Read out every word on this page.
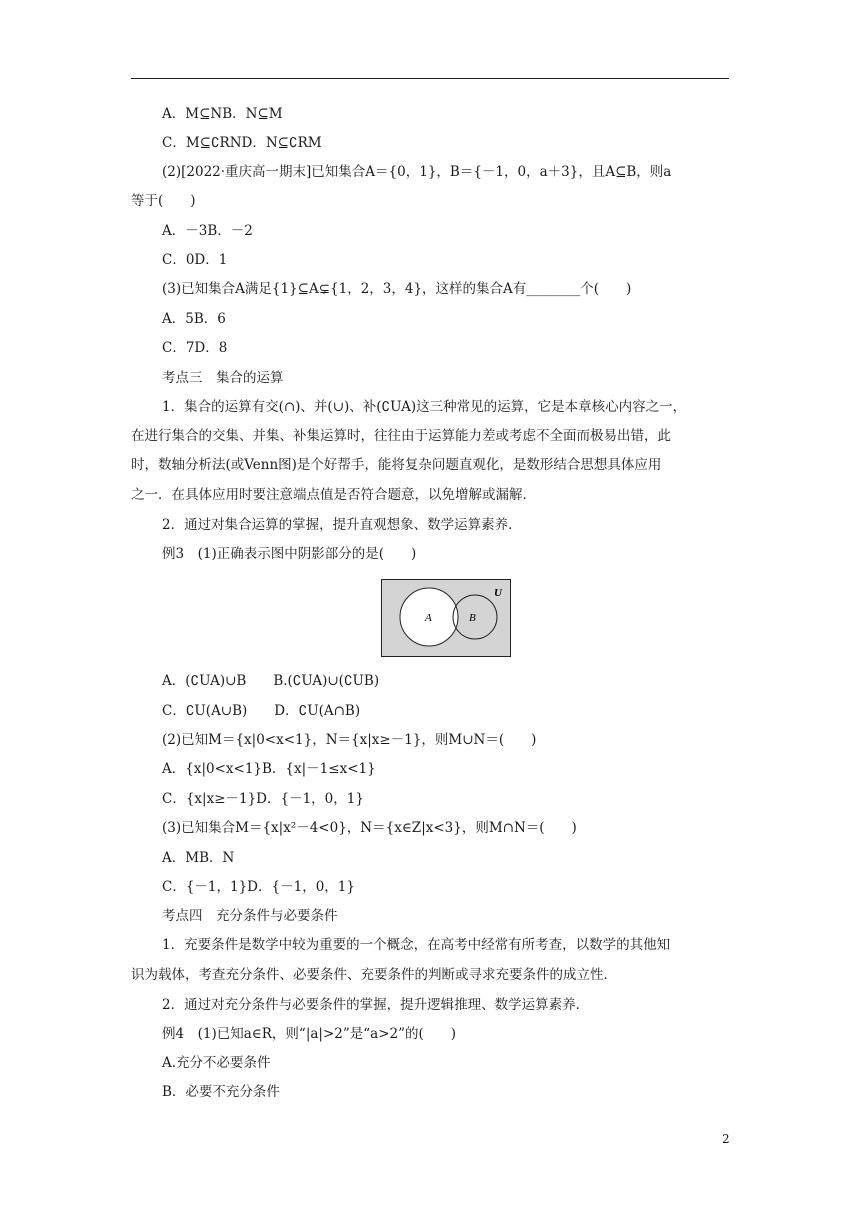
A．M⊆NB．N⊆M
C．M⊆∁RND．N⊆∁RM
(2)[2022·重庆高一期末]已知集合A＝{0，1}，B＝{－1，0，a＋3}，且A⊆B，则a
等于(　　)
A．－3B．－2
C．0D．1
(3)已知集合A满足{1}⊆A⊊{1，2，3，4}，这样的集合A有________个(　　)
A．5B．6
C．7D．8
考点三　集合的运算
1．集合的运算有交(∩)、并(∪)、补(∁UA)这三种常见的运算，它是本章核心内容之一，
在进行集合的交集、并集、补集运算时，往往由于运算能力差或考虑不全面而极易出错，此
时，数轴分析法(或Venn图)是个好帮手，能将复杂问题直观化，是数形结合思想具体应用
之一．在具体应用时要注意端点值是否符合题意，以免增解或漏解．
2．通过对集合运算的掌握，提升直观想象、数学运算素养．
例3　(1)正确表示图中阴影部分的是(　　)
U
A	B
A．(∁UA)∪B　　B.(∁UA)∪(∁UB)
C．∁U(A∪B)　　D．∁U(A∩B)
(2)已知M＝{x|0<x<1}，N＝{x|x≥－1}，则M∪N＝(　　)
A．{x|0<x<1}B．{x|－1≤x<1}
C．{x|x≥－1}D．{－1，0，1}
(3)已知集合M＝{x|x²－4<0}，N＝{x∈Z|x<3}，则M∩N＝(　　)
A．MB．N
C．{－1，1}D．{－1，0，1}
考点四　充分条件与必要条件
1．充要条件是数学中较为重要的一个概念，在高考中经常有所考查，以数学的其他知
识为载体，考查充分条件、必要条件、充要条件的判断或寻求充要条件的成立性．
2．通过对充分条件与必要条件的掌握，提升逻辑推理、数学运算素养．
例4　(1)已知a∈R，则“|a|>2”是“a>2”的(　　)
A.充分不必要条件
B．必要不充分条件
2
